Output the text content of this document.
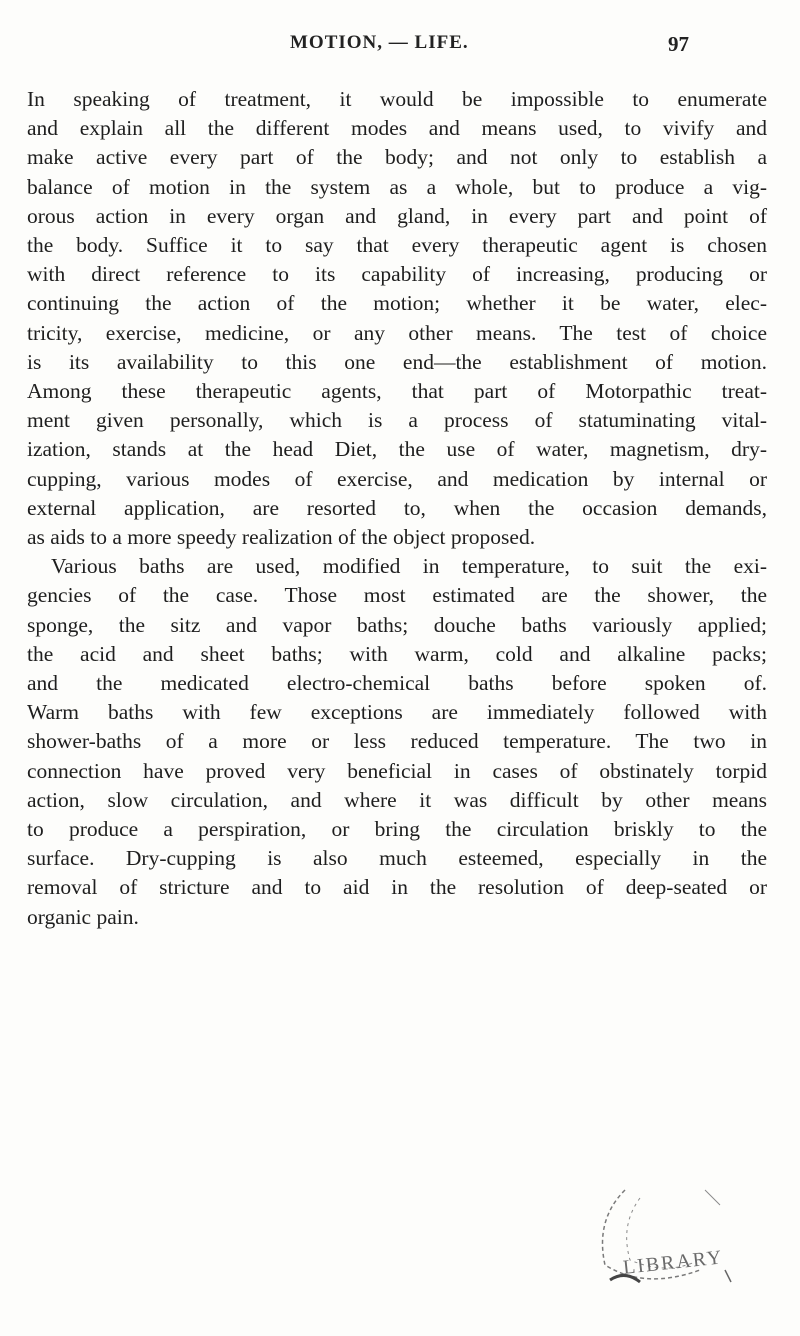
MOTION, — LIFE.	97
In speaking of treatment, it would be impossible to enumerate
and explain all the different modes and means used, to vivify and
make active every part of the body; and not only to establish a
balance of motion in the system as a whole, but to produce a vig-
orous action in every organ and gland, in every part and point of
the body. Suffice it to say that every therapeutic agent is chosen
with direct reference to its capability of increasing, producing or
continuing the action of the motion; whether it be water, elec-
tricity, exercise, medicine, or any other means. The test of choice
is its availability to this one end—the establishment of motion.
Among these therapeutic agents, that part of Motorpathic treat-
ment given personally, which is a process of statuminating vital-
ization, stands at the head Diet, the use of water, magnetism, dry-
cupping, various modes of exercise, and medication by internal or
external application, are resorted to, when the occasion demands,
as aids to a more speedy realization of the object proposed.
Various baths are used, modified in temperature, to suit the exi-
gencies of the case. Those most estimated are the shower, the
sponge, the sitz and vapor baths; douche baths variously applied;
the acid and sheet baths; with warm, cold and alkaline packs;
and the medicated electro-chemical baths before spoken of.
Warm baths with few exceptions are immediately followed with
shower-baths of a more or less reduced temperature. The two in
connection have proved very beneficial in cases of obstinately torpid
action, slow circulation, and where it was difficult by other means
to produce a perspiration, or bring the circulation briskly to the
surface. Dry-cupping is also much esteemed, especially in the
removal of stricture and to aid in the resolution of deep-seated or
organic pain.
LIBRARY
